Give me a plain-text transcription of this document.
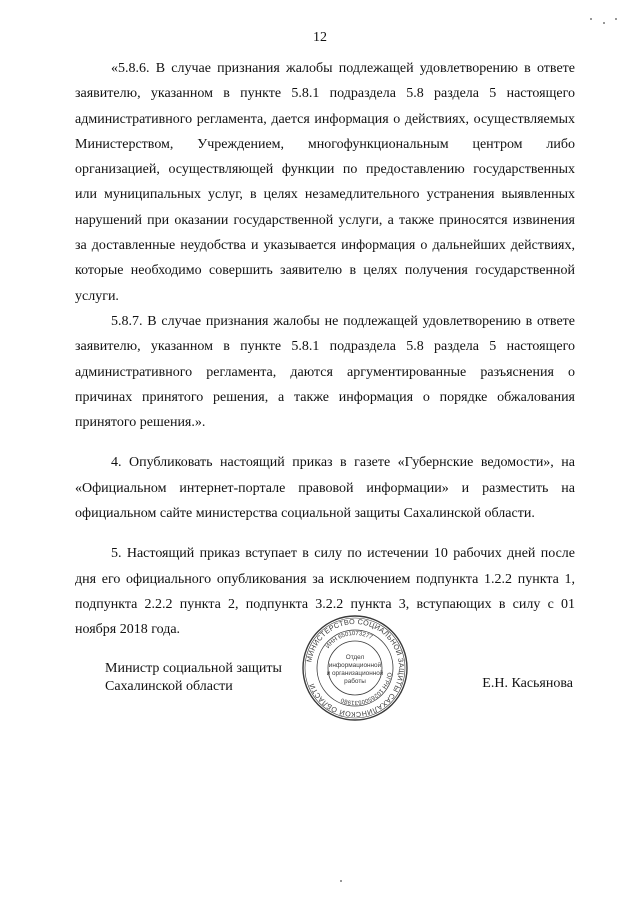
12

«5.8.6. В случае признания жалобы подлежащей удовлетворению в ответе заявителю, указанном в пункте 5.8.1 подраздела 5.8 раздела 5 настоящего административного регламента, дается информация о действиях, осуществляемых Министерством, Учреждением, многофункциональным центром либо организацией, осуществляющей функции по предоставлению государственных или муниципальных услуг, в целях незамедлительного устранения выявленных нарушений при оказании государственной услуги, а также приносятся извинения за доставленные неудобства и указывается информация о дальнейших действиях, которые необходимо совершить заявителю в целях получения государственной услуги.

5.8.7. В случае признания жалобы не подлежащей удовлетворению в ответе заявителю, указанном в пункте 5.8.1 подраздела 5.8 раздела 5 настоящего административного регламента, даются аргументированные разъяснения о причинах принятого решения, а также информация о порядке обжалования принятого решения.».

4. Опубликовать настоящий приказ в газете «Губернские ведомости», на «Официальном интернет-портале правовой информации» и разместить на официальном сайте министерства социальной защиты Сахалинской области.

5. Настоящий приказ вступает в силу по истечении 10 рабочих дней после дня его официального опубликования за исключением подпункта 1.2.2 пункта 1, подпункта 2.2.2 пункта 2, подпункта 3.2.2 пункта 3, вступающих в силу с 01 ноября 2018 года.

Министр социальной защиты
Сахалинской области	Е.Н. Касьянова
МИНИСТЕРСТВО СОЦИАЛЬНОЙ ЗАЩИТЫ САХАЛИНСКОЙ ОБЛАСТИ
ОГРН 1026500531980
ИНН 6501073277
Отдел
информационной
и организационной
работы
